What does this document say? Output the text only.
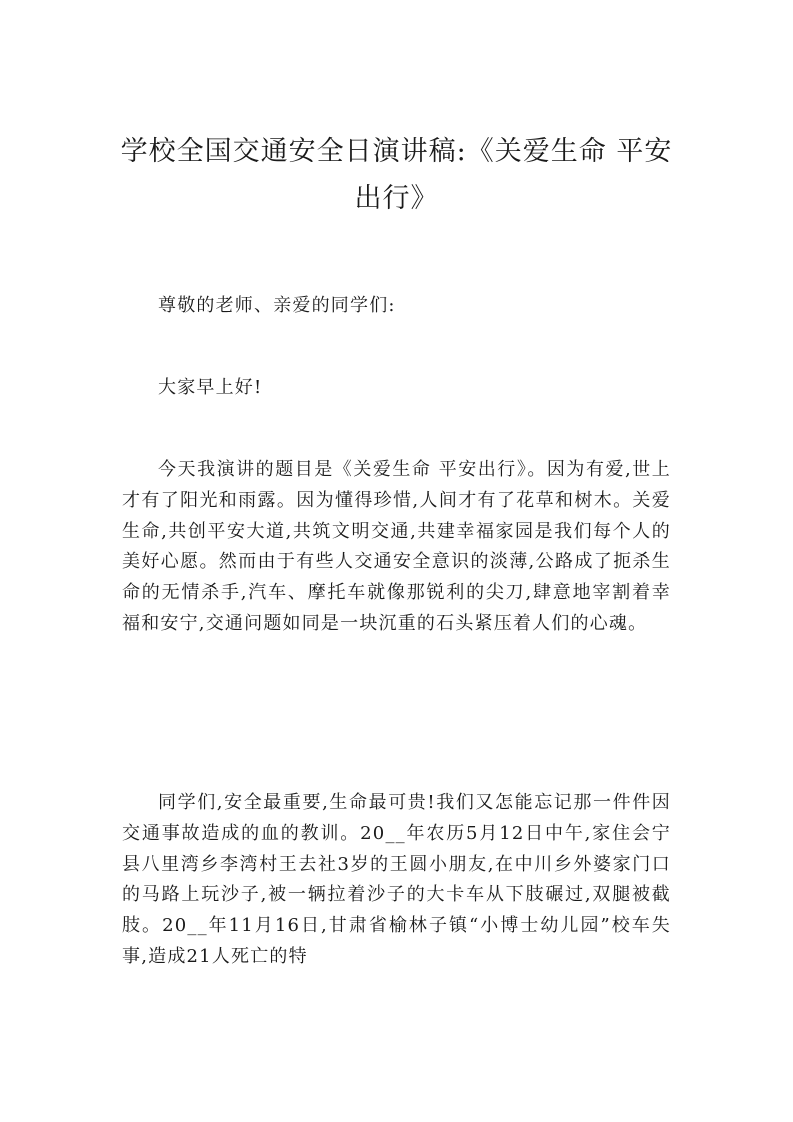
学校全国交通安全日演讲稿:《关爱生命 平安出行》

尊敬的老师、亲爱的同学们:

大家早上好!

今天我演讲的题目是《关爱生命 平安出行》。因为有爱,世上才有了阳光和雨露。因为懂得珍惜,人间才有了花草和树木。关爱生命,共创平安大道,共筑文明交通,共建幸福家园是我们每个人的美好心愿。然而由于有些人交通安全意识的淡薄,公路成了扼杀生命的无情杀手,汽车、摩托车就像那锐利的尖刀,肆意地宰割着幸福和安宁,交通问题如同是一块沉重的石头紧压着人们的心魂。

同学们,安全最重要,生命最可贵!我们又怎能忘记那一件件因交通事故造成的血的教训。20__年农历5月12日中午,家住会宁县八里湾乡李湾村王去社3岁的王圆小朋友,在中川乡外婆家门口的马路上玩沙子,被一辆拉着沙子的大卡车从下肢碾过,双腿被截肢。20__年11月16日,甘肃省榆林子镇“小博士幼儿园”校车失事,造成21人死亡的特
